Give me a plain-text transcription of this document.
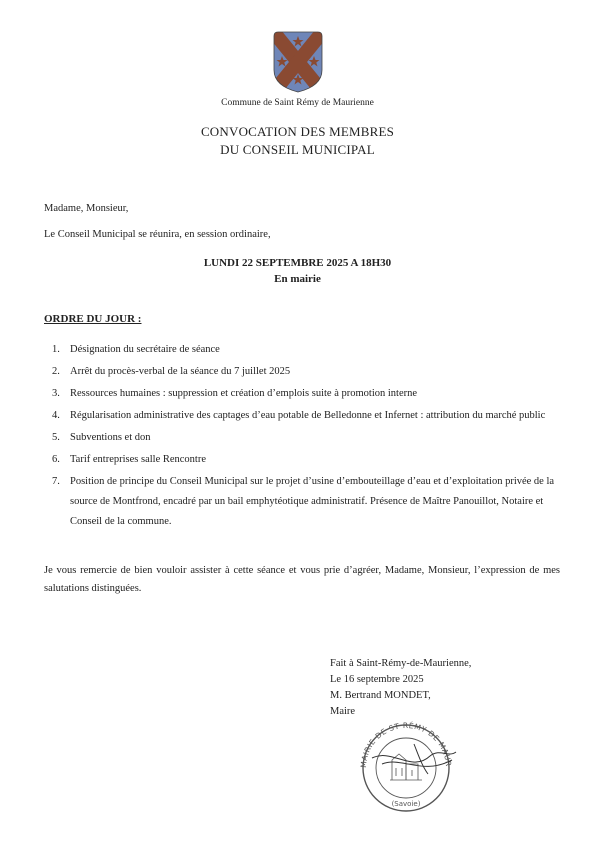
Commune de Saint Rémy de Maurienne
CONVOCATION DES MEMBRES
DU CONSEIL MUNICIPAL
Madame, Monsieur,
Le Conseil Municipal se réunira, en session ordinaire,
LUNDI 22 SEPTEMBRE 2025 A 18H30
En mairie
ORDRE DU JOUR :
1. Désignation du secrétaire de séance
2. Arrêt du procès-verbal de la séance du 7 juillet 2025
3. Ressources humaines : suppression et création d’emplois suite à promotion interne
4. Régularisation administrative des captages d’eau potable de Belledonne et Infernet : attribution du marché public
5. Subventions et don
6. Tarif entreprises salle Rencontre
7. Position de principe du Conseil Municipal sur le projet d’usine d’embouteillage d’eau et d’exploitation privée de la source de Montfrond, encadré par un bail emphytéotique administratif. Présence de Maître Panouillot, Notaire et Conseil de la commune.
Je vous remercie de bien vouloir assister à cette séance et vous prie d’agréer, Madame, Monsieur, l’expression de mes salutations distinguées.
Fait à Saint-Rémy-de-Maurienne,
Le 16 septembre 2025
M. Bertrand MONDET,
Maire
MAIRIE DE ST RÉMY DE MAUR
(Savoie)
